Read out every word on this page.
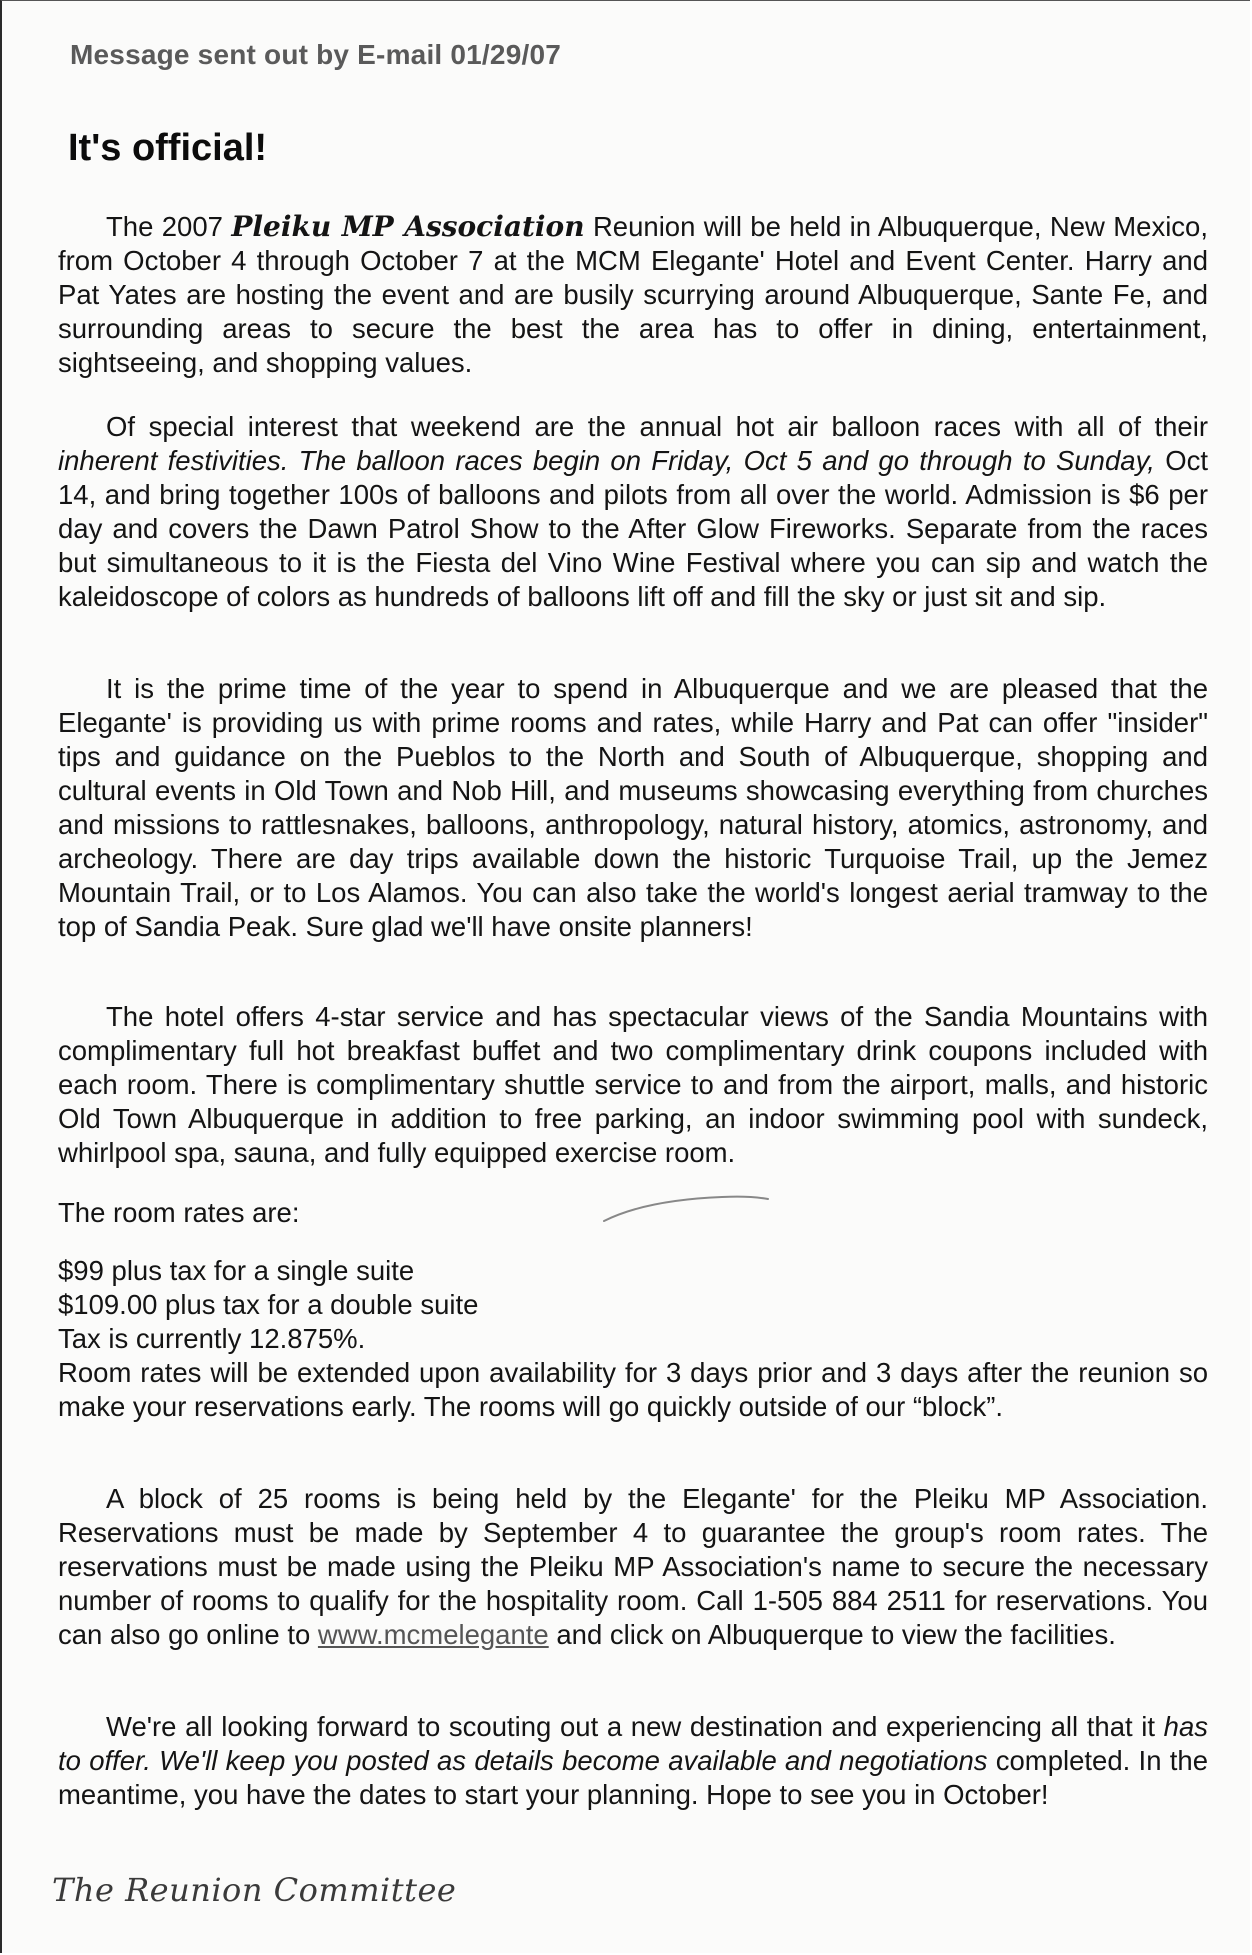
Message sent out by E-mail 01/29/07
It's official!

The 2007 Pleiku MP Association Reunion will be held in Albuquerque, New Mexico, from October 4 through October 7 at the MCM Elegante' Hotel and Event Center. Harry and Pat Yates are hosting the event and are busily scurrying around Albuquerque, Sante Fe, and surrounding areas to secure the best the area has to offer in dining, entertainment, sightseeing, and shopping values.

Of special interest that weekend are the annual hot air balloon races with all of their inherent festivities. The balloon races begin on Friday, Oct 5 and go through to Sunday, Oct 14, and bring together 100s of balloons and pilots from all over the world. Admission is $6 per day and covers the Dawn Patrol Show to the After Glow Fireworks. Separate from the races but simultaneous to it is the Fiesta del Vino Wine Festival where you can sip and watch the kaleidoscope of colors as hundreds of balloons lift off and fill the sky or just sit and sip.

It is the prime time of the year to spend in Albuquerque and we are pleased that the Elegante' is providing us with prime rooms and rates, while Harry and Pat can offer "insider" tips and guidance on the Pueblos to the North and South of Albuquerque, shopping and cultural events in Old Town and Nob Hill, and museums showcasing everything from churches and missions to rattlesnakes, balloons, anthropology, natural history, atomics, astronomy, and archeology. There are day trips available down the historic Turquoise Trail, up the Jemez Mountain Trail, or to Los Alamos. You can also take the world's longest aerial tramway to the top of Sandia Peak. Sure glad we'll have onsite planners!

The hotel offers 4-star service and has spectacular views of the Sandia Mountains with complimentary full hot breakfast buffet and two complimentary drink coupons included with each room. There is complimentary shuttle service to and from the airport, malls, and historic Old Town Albuquerque in addition to free parking, an indoor swimming pool with sundeck, whirlpool spa, sauna, and fully equipped exercise room.

The room rates are:

$99 plus tax for a single suite

$109.00 plus tax for a double suite

Tax is currently 12.875%.

Room rates will be extended upon availability for 3 days prior and 3 days after the reunion so make your reservations early. The rooms will go quickly outside of our “block”.

A block of 25 rooms is being held by the Elegante' for the Pleiku MP Association. Reservations must be made by September 4 to guarantee the group's room rates. The reservations must be made using the Pleiku MP Association's name to secure the necessary number of rooms to qualify for the hospitality room. Call 1-505 884 2511 for reservations. You can also go online to www.mcmelegante and click on Albuquerque to view the facilities.

We're all looking forward to scouting out a new destination and experiencing all that it has to offer. We'll keep you posted as details become available and negotiations completed. In the meantime, you have the dates to start your planning. Hope to see you in October!

The Reunion Committee
